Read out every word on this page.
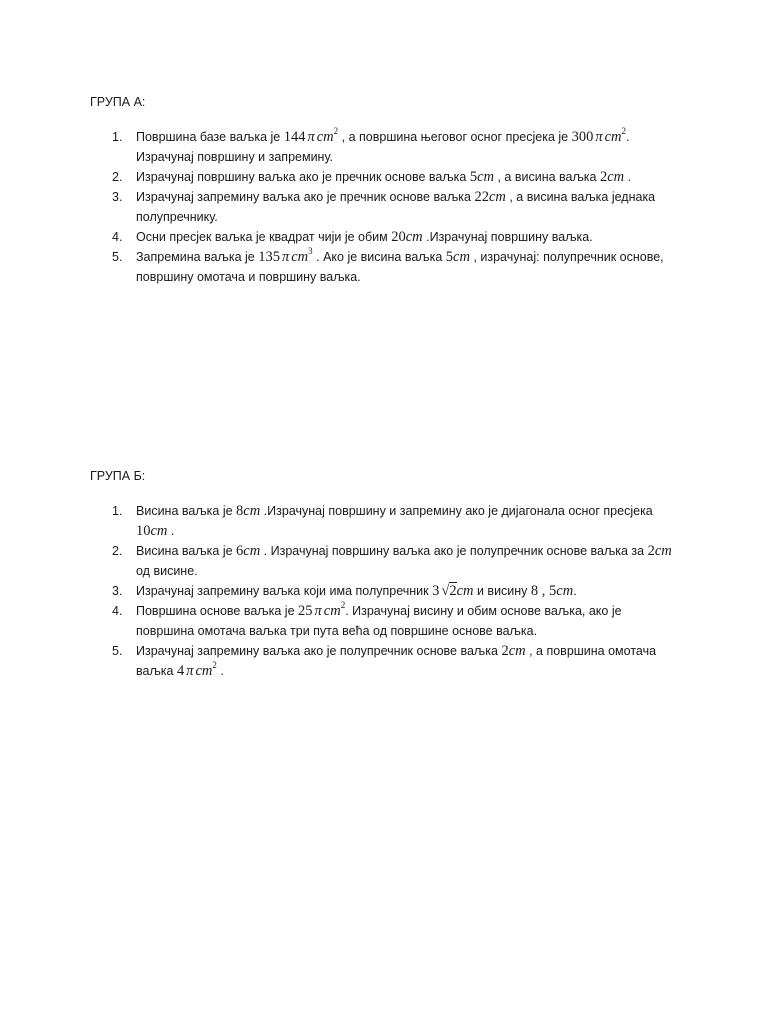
ГРУПА А:
1. Површина базе ваљка је 144 π $cm^2$ , а површина његовог осног пресјека је 300 π $cm^2$.
Израчунај површину и запремину.
2. Израчунај површину ваљка ако је пречник основе ваљка 5cm , а висина ваљка 2cm .
3. Израчунај запремину ваљка ако је пречник основе ваљка 22cm , а висина ваљка једнака
полупречнику.
4. Осни пресјек ваљка је квадрат чији је обим 20cm .Израчунај површину ваљка.
5. Запремина ваљка је 135 π $cm^3$ . Ако је висина ваљка 5cm , израчунај: полупречник основе,
површину омотача и површину ваљка.
ГРУПА Б:
1. Висина ваљка је 8cm .Израчунај површину и запремину ако је дијагонала осног пресјека
10cm .
2. Висина ваљка је 6cm . Израчунај површину ваљка ако је полупречник основе ваљка за 2cm
од висине.
3. Израчунај запремину ваљка који има полупречник 3 √2cm и висину 8 , 5cm.
4. Површина основе ваљка је 25 π $cm^2$. Израчунај висину и обим основе ваљка, ако је
површина омотача ваљка три пута већа од површине основе ваљка.
5. Израчунај запремину ваљка ако је полупречник основе ваљка 2cm , а површина омотача
ваљка 4 π $cm^2$ .
